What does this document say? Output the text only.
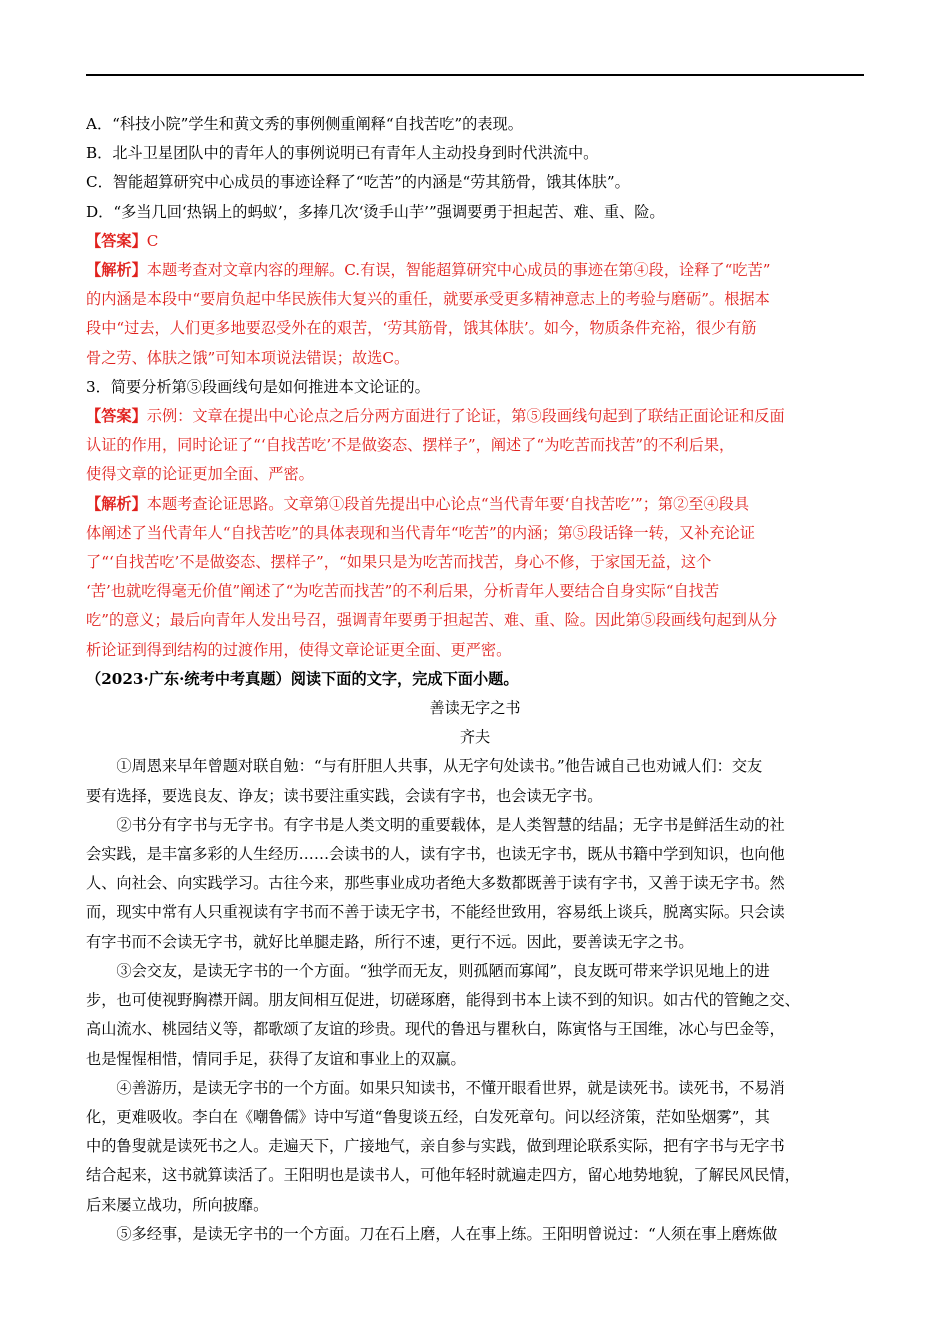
A．“科技小院”学生和黄文秀的事例侧重阐释“自找苦吃”的表现。
B．北斗卫星团队中的青年人的事例说明已有青年人主动投身到时代洪流中。
C．智能超算研究中心成员的事迹诠释了“吃苦”的内涵是“劳其筋骨，饿其体肤”。
D．“多当几回‘热锅上的蚂蚁’，多捧几次‘烫手山芋’”强调要勇于担起苦、难、重、险。
【答案】C
【解析】本题考查对文章内容的理解。C.有误，智能超算研究中心成员的事迹在第④段，诠释了“吃苦”
的内涵是本段中“要肩负起中华民族伟大复兴的重任，就要承受更多精神意志上的考验与磨砺”。根据本
段中“过去，人们更多地要忍受外在的艰苦，‘劳其筋骨，饿其体肤’。如今，物质条件充裕，很少有筋
骨之劳、体肤之饿”可知本项说法错误；故选C。
3．简要分析第⑤段画线句是如何推进本文论证的。
【答案】示例：文章在提出中心论点之后分两方面进行了论证，第⑤段画线句起到了联结正面论证和反面
认证的作用，同时论证了“‘自找苦吃’不是做姿态、摆样子”，阐述了“为吃苦而找苦”的不利后果，
使得文章的论证更加全面、严密。
【解析】本题考查论证思路。文章第①段首先提出中心论点“当代青年要‘自找苦吃’”；第②至④段具
体阐述了当代青年人“自找苦吃”的具体表现和当代青年“吃苦”的内涵；第⑤段话锋一转，又补充论证
了“‘自找苦吃’不是做姿态、摆样子”，“如果只是为吃苦而找苦，身心不修，于家国无益，这个
‘苦’也就吃得毫无价值”阐述了“为吃苦而找苦”的不利后果，分析青年人要结合自身实际“自找苦
吃”的意义；最后向青年人发出号召，强调青年要勇于担起苦、难、重、险。因此第⑤段画线句起到从分
析论证到得到结构的过渡作用，使得文章论证更全面、更严密。
（2023·广东·统考中考真题）阅读下面的文字，完成下面小题。
善读无字之书
齐夫
①周恩来早年曾题对联自勉：“与有肝胆人共事，从无字句处读书。”他告诫自己也劝诫人们：交友
要有选择，要选良友、诤友；读书要注重实践，会读有字书，也会读无字书。
②书分有字书与无字书。有字书是人类文明的重要载体，是人类智慧的结晶；无字书是鲜活生动的社
会实践，是丰富多彩的人生经历……会读书的人，读有字书，也读无字书，既从书籍中学到知识，也向他
人、向社会、向实践学习。古往今来，那些事业成功者绝大多数都既善于读有字书，又善于读无字书。然
而，现实中常有人只重视读有字书而不善于读无字书，不能经世致用，容易纸上谈兵，脱离实际。只会读
有字书而不会读无字书，就好比单腿走路，所行不速，更行不远。因此，要善读无字之书。
③会交友，是读无字书的一个方面。“独学而无友，则孤陋而寡闻”，良友既可带来学识见地上的进
步，也可使视野胸襟开阔。朋友间相互促进，切磋琢磨，能得到书本上读不到的知识。如古代的管鲍之交、
高山流水、桃园结义等，都歌颂了友谊的珍贵。现代的鲁迅与瞿秋白，陈寅恪与王国维，冰心与巴金等，
也是惺惺相惜，情同手足，获得了友谊和事业上的双赢。
④善游历，是读无字书的一个方面。如果只知读书，不懂开眼看世界，就是读死书。读死书，不易消
化，更难吸收。李白在《嘲鲁儒》诗中写道“鲁叟谈五经，白发死章句。问以经济策，茫如坠烟雾”，其
中的鲁叟就是读死书之人。走遍天下，广接地气，亲自参与实践，做到理论联系实际，把有字书与无字书
结合起来，这书就算读活了。王阳明也是读书人，可他年轻时就遍走四方，留心地势地貌，了解民风民情，
后来屡立战功，所向披靡。
⑤多经事，是读无字书的一个方面。刀在石上磨，人在事上练。王阳明曾说过：“人须在事上磨炼做
